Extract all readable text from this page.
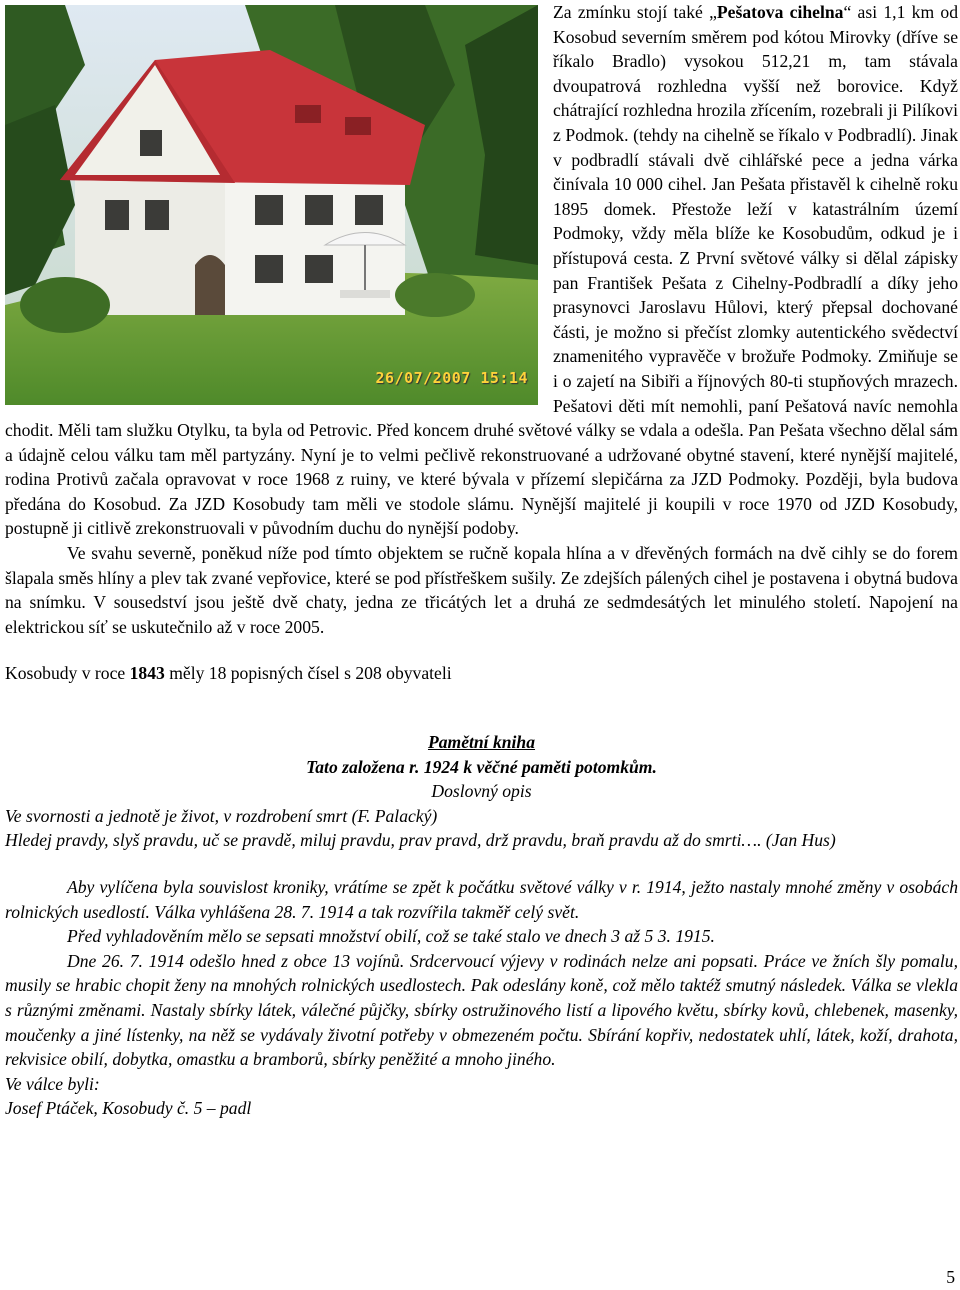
Za zmínku stojí také „Pešatova cihelna
26/07/2007 15:14
“ asi 1,1 km od Kosobud severním směrem pod kótou Mirovky (dříve se říkalo Bradlo) vysokou 512,21 m, tam stávala dvoupatrová rozhledna vyšší než borovice. Když chátrající rozhledna hrozila zřícením, rozebrali ji Pilíkovi z Podmok. (tehdy na cihelně se říkalo v Podbradlí). Jinak v podbradlí stávali dvě cihlářské pece a jedna várka činívala 10 000 cihel. Jan Pešata přistavěl k cihelně roku 1895 domek. Přestože leží v katastrálním území Podmoky, vždy měla blíže ke Kosobudům, odkud je i přístupová cesta. Z První světové války si dělal zápisky pan František Pešata z Cihelny-Podbradlí a díky jeho prasynovci Jaroslavu Hůlovi, který přepsal dochované části, je možno si přečíst zlomky autentického svědectví znamenitého vypravěče v brožuře Podmoky. Zmiňuje se i o zajetí na Sibiři a říjnových 80-ti stupňových mrazech. Pešatovi děti mít nemohli, paní Pešatová navíc nemohla chodit. Měli tam služku Otylku, ta byla od Petrovic. Před koncem druhé světové války se vdala a odešla. Pan Pešata všechno dělal sám a údajně celou válku tam měl partyzány. Nyní je to velmi pečlivě rekonstruované a udržované obytné stavení, které nynější majitelé, rodina Protivů začala opravovat v roce 1968 z ruiny, ve které bývala v přízemí slepičárna za JZD Podmoky. Později, byla budova předána do Kosobud. Za JZD Kosobudy tam měli ve stodole slámu. Nynější majitelé ji koupili v roce 1970 od JZD Kosobudy, postupně ji citlivě zrekonstruovali v původním duchu do nynější podoby.

Ve svahu severně, poněkud níže pod tímto objektem se ručně kopala hlína a v dřevěných formách na dvě cihly se do forem šlapala směs hlíny a plev tak zvané vepřovice, které se pod přístřeškem sušily. Ze zdejších pálených cihel je postavena i obytná budova na snímku. V sousedství jsou ještě dvě chaty, jedna ze třicátých let a druhá ze sedmdesátých let minulého století. Napojení na elektrickou síť se uskutečnilo až v roce 2005.

Kosobudy v roce 1843 měly 18 popisných čísel s 208 obyvateli

Pamětní kniha

Tato založena r. 1924 k věčné paměti potomkům.

Doslovný opis

Ve svornosti a jednotě je život, v rozdrobení smrt (F. Palacký)

Hledej pravdy, slyš pravdu, uč se pravdě, miluj pravdu, prav pravd, drž pravdu, braň pravdu až do smrti…. (Jan Hus)

Aby vylíčena byla souvislost kroniky, vrátíme se zpět k počátku světové války v r. 1914, ježto nastaly mnohé změny v osobách rolnických usedlostí. Válka vyhlášena 28. 7. 1914 a tak rozvířila takměř celý svět.

Před vyhladověním mělo se sepsati množství obilí, což se také stalo ve dnech 3 až 5 3. 1915.

Dne 26. 7. 1914 odešlo hned z obce 13 vojínů. Srdcervoucí výjevy v rodinách nelze ani popsati. Práce ve žních šly pomalu, musily se hrabic chopit ženy na mnohých rolnických usedlostech. Pak odeslány koně, což mělo taktéž smutný následek. Válka se vlekla s různými změnami. Nastaly sbírky látek, válečné půjčky, sbírky ostružinového listí a lipového květu, sbírky kovů, chlebenek, masenky, moučenky a jiné lístenky, na něž se vydávaly životní potřeby v obmezeném počtu. Sbírání kopřiv, nedostatek uhlí, látek, koží, drahota, rekvisice obilí, dobytka, omastku a bramborů, sbírky peněžité a mnoho jiného.

Ve válce byli:

Josef Ptáček, Kosobudy č. 5 – padl

5
